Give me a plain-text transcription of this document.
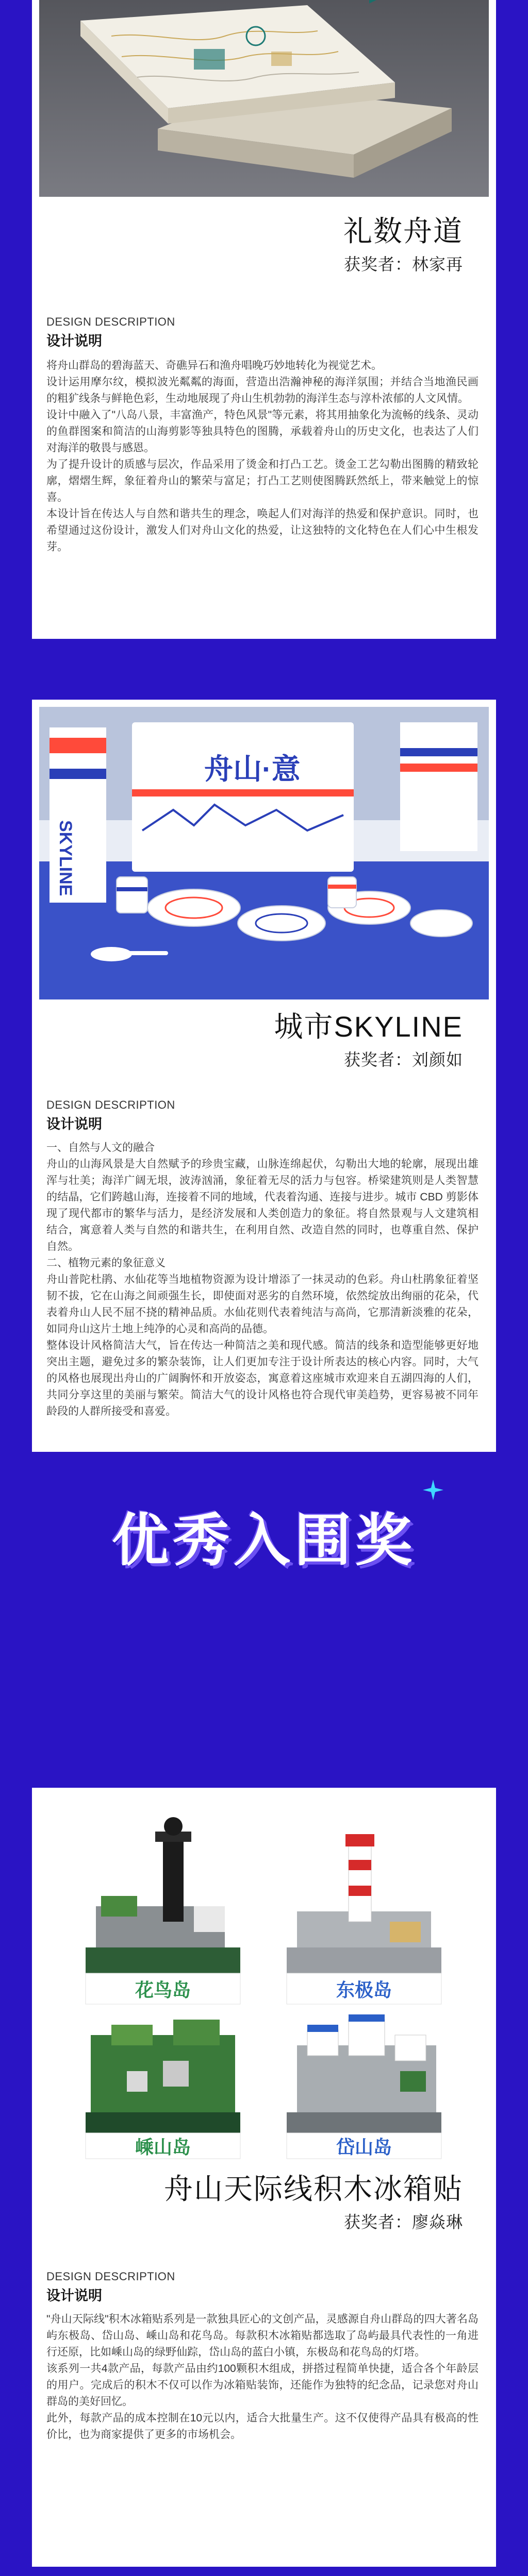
礼数舟道
获奖者：林家再
DESIGN DESCRIPTION
设计说明

将舟山群岛的碧海蓝天、奇礁异石和渔舟唱晚巧妙地转化为视觉艺术。

设计运用摩尔纹，模拟波光粼粼的海面，营造出浩瀚神秘的海洋氛围；并结合当地渔民画的粗犷线条与鲜艳色彩，生动地展现了舟山生机勃勃的海洋生态与淳朴浓郁的人文风情。

设计中融入了"八岛八景，丰富渔产，特色风景"等元素，将其用抽象化为流畅的线条、灵动的鱼群图案和简洁的山海剪影等独具特色的图腾，承载着舟山的历史文化，也表达了人们对海洋的敬畏与感恩。

为了提升设计的质感与层次，作品采用了烫金和打凸工艺。烫金工艺勾勒出图腾的精致轮廓，熠熠生辉，象征着舟山的繁荣与富足；打凸工艺则使图腾跃然纸上，带来触觉上的惊喜。

本设计旨在传达人与自然和谐共生的理念，唤起人们对海洋的热爱和保护意识。同时，也希望通过这份设计，激发人们对舟山文化的热爱，让这独特的文化特色在人们心中生根发芽。

SKYLINE
舟山·意
城市SKYLINE
获奖者：刘颜如
DESIGN DESCRIPTION
设计说明

一、自然与人文的融合

舟山的山海风景是大自然赋予的珍贵宝藏，山脉连绵起伏，勾勒出大地的轮廓，展现出雄浑与壮美；海洋广阔无垠，波涛汹涌，象征着无尽的活力与包容。桥梁建筑则是人类智慧的结晶，它们跨越山海，连接着不同的地域，代表着沟通、连接与进步。城市 CBD 剪影体现了现代都市的繁华与活力，是经济发展和人类创造力的象征。将自然景观与人文建筑相结合，寓意着人类与自然的和谐共生，在利用自然、改造自然的同时，也尊重自然、保护自然。

二、植物元素的象征意义

舟山普陀杜鹃、水仙花等当地植物资源为设计增添了一抹灵动的色彩。舟山杜鹃象征着坚韧不拔，它在山海之间顽强生长，即使面对恶劣的自然环境，依然绽放出绚丽的花朵，代表着舟山人民不屈不挠的精神品质。水仙花则代表着纯洁与高尚，它那清新淡雅的花朵，如同舟山这片土地上纯净的心灵和高尚的品德。

整体设计风格简洁大气，旨在传达一种简洁之美和现代感。简洁的线条和造型能够更好地突出主题，避免过多的繁杂装饰，让人们更加专注于设计所表达的核心内容。同时，大气的风格也展现出舟山的广阔胸怀和开放姿态，寓意着这座城市欢迎来自五湖四海的人们，共同分享这里的美丽与繁荣。简洁大气的设计风格也符合现代审美趋势，更容易被不同年龄段的人群所接受和喜爱。

优秀入围奖
花鸟岛	东极岛
嵊山岛	岱山岛
舟山天际线积木冰箱贴
获奖者：廖焱琳
DESIGN DESCRIPTION
设计说明

"舟山天际线"积木冰箱贴系列是一款独具匠心的文创产品，灵感源自舟山群岛的四大著名岛屿东极岛、岱山岛、嵊山岛和花鸟岛。每款积木冰箱贴都选取了岛屿最具代表性的一角进行还原，比如嵊山岛的绿野仙踪，岱山岛的蓝白小镇，东极岛和花鸟岛的灯塔。

该系列一共4款产品，每款产品由约100颗积木组成，拼搭过程简单快捷，适合各个年龄层的用户。完成后的积木不仅可以作为冰箱贴装饰，还能作为独特的纪念品，记录您对舟山群岛的美好回忆。

此外，每款产品的成本控制在10元以内，适合大批量生产。这不仅使得产品具有极高的性价比，也为商家提供了更多的市场机会。
